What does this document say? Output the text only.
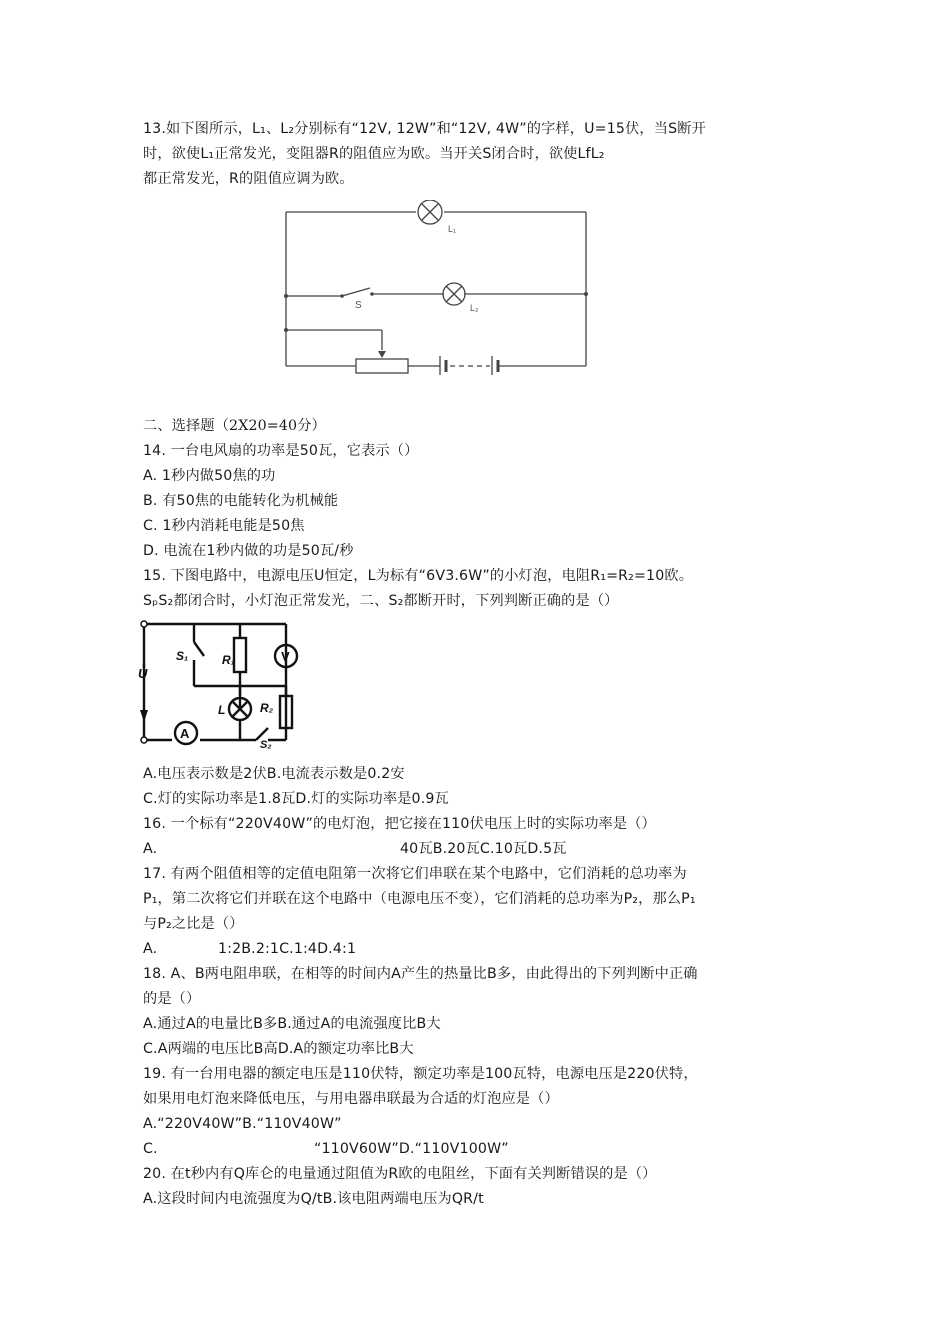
13.如下图所示，L₁、L₂分别标有“12V, 12W”和“12V, 4W”的字样，U=15伏，当S断开
时，欲使L₁正常发光，变阻器R的阻值应为欧。当开关S闭合时，欲使LfL₂
都正常发光，R的阻值应调为欧。
L₁
S	L₂
二、选择题（2X20=40分）
14. 一台电风扇的功率是50瓦，它表示（）
A. 1秒内做50焦的功
B. 有50焦的电能转化为机械能
C. 1秒内消耗电能是50焦
D. 电流在1秒内做的功是50瓦/秒
15. 下图电路中，电源电压U恒定，L为标有“6V3.6W”的小灯泡，电阻R₁=R₂=10欧。
SₚS₂都闭合时，小灯泡正常发光，二、S₂都断开时，下列判断正确的是（）
V
A
U
S₁	R₁
L	R₂
S₂
A.电压表示数是2伏B.电流表示数是0.2安
C.灯的实际功率是1.8瓦D.灯的实际功率是0.9瓦
16. 一个标有“220V40W”的电灯泡，把它接在110伏电压上时的实际功率是（）
A.	40瓦B.20瓦C.10瓦D.5瓦
17. 有两个阻值相等的定值电阻第一次将它们串联在某个电路中，它们消耗的总功率为
P₁，第二次将它们并联在这个电路中（电源电压不变），它们消耗的总功率为P₂，那么P₁
与P₂之比是（）
A.	1:2B.2:1C.1:4D.4:1
18. A、B两电阻串联，在相等的时间内A产生的热量比B多，由此得出的下列判断中正确
的是（）
A.通过A的电量比B多B.通过A的电流强度比B大
C.A两端的电压比B高D.A的额定功率比B大
19. 有一台用电器的额定电压是110伏特，额定功率是100瓦特，电源电压是220伏特，
如果用电灯泡来降低电压，与用电器串联最为合适的灯泡应是（）
A.“220V40W”B.“110V40W”
C.	“110V60W”D.“110V100W”
20. 在t秒内有Q库仑的电量通过阻值为R欧的电阻丝，下面有关判断错误的是（）
A.这段时间内电流强度为Q/tB.该电阻两端电压为QR/t
